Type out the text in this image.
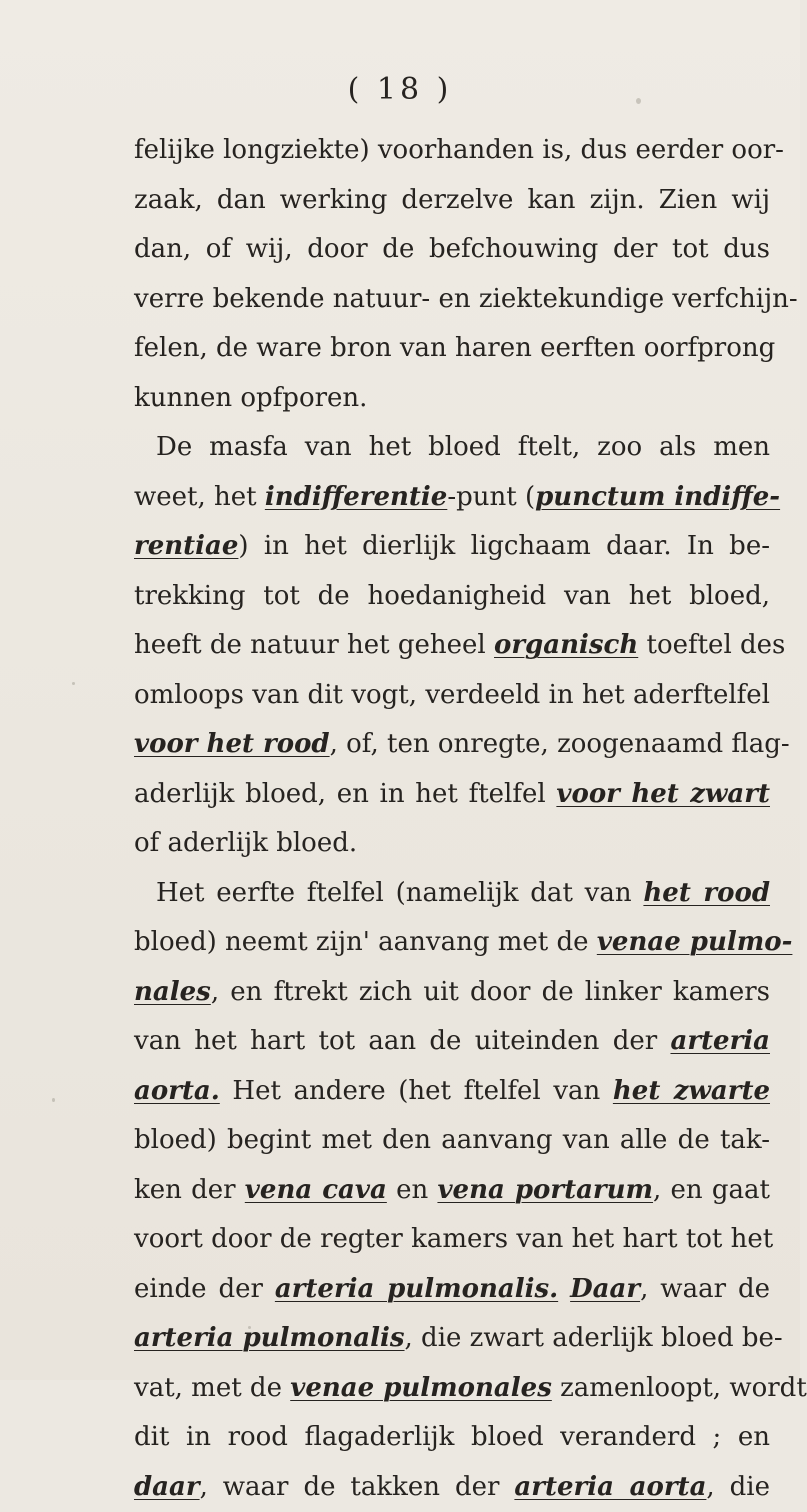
( 18 )
felijke longziekte) voorhanden is, dus eerder oor-
zaak, dan werking derzelve kan zijn. Zien wij
dan, of wij, door de befchouwing der tot dus
verre bekende natuur- en ziektekundige verfchijn-
felen, de ware bron van haren eerften oorfprong
kunnen opfporen.
De masfa van het bloed ftelt, zoo als men
weet, het indifferentie-punt (punctum indiffe-
rentiae) in het dierlijk ligchaam daar. In be-
trekking tot de hoedanigheid van het bloed,
heeft de natuur het geheel organisch toeftel des
omloops van dit vogt, verdeeld in het aderftelfel
voor het rood, of, ten onregte, zoogenaamd flag-
aderlijk bloed, en in het ftelfel voor het zwart
of aderlijk bloed.
Het eerfte ftelfel (namelijk dat van het rood
bloed) neemt zijn' aanvang met de venae pulmo-
nales, en ftrekt zich uit door de linker kamers
van het hart tot aan de uiteinden der arteria
aorta. Het andere (het ftelfel van het zwarte
bloed) begint met den aanvang van alle de tak-
ken der vena cava en vena portarum, en gaat
voort door de regter kamers van het hart tot het
einde der arteria pulmonalis. Daar, waar de
arteria pulmonalis, die zwart aderlijk bloed be-
vat, met de venae pulmonales zamenloopt, wordt
dit in rood flagaderlijk bloed veranderd ; en
daar, waar de takken der arteria aorta, die
